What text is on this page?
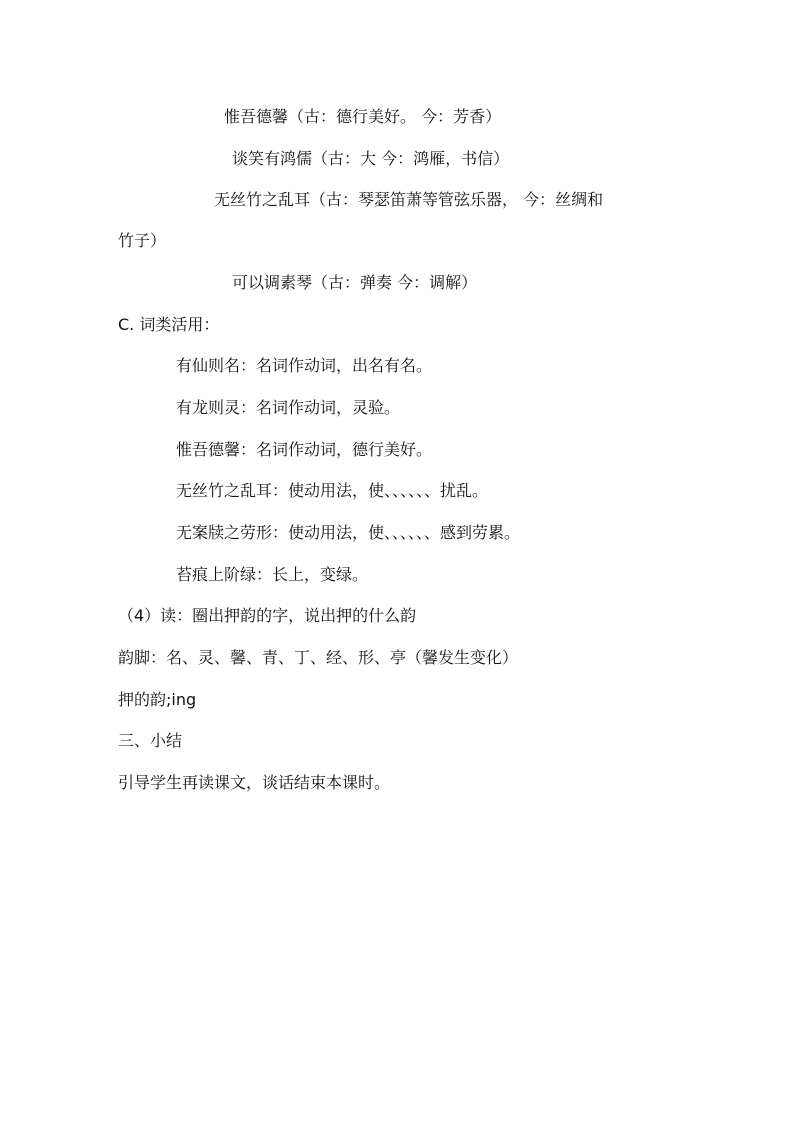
惟吾德馨（古：德行美好。 今：芳香）
谈笑有鸿儒（古：大 今：鸿雁，书信）
无丝竹之乱耳（古：琴瑟笛萧等管弦乐器， 今：丝绸和
竹子）
可以调素琴（古：弹奏 今：调解）
C. 词类活用：
有仙则名：名词作动词，出名有名。
有龙则灵：名词作动词，灵验。
惟吾德馨：名词作动词，德行美好。
无丝竹之乱耳：使动用法，使、、、、、、扰乱。
无案牍之劳形：使动用法，使、、、、、、感到劳累。
苔痕上阶绿：长上，变绿。
（4）读：圈出押韵的字，说出押的什么韵
韵脚：名、灵、馨、青、丁、经、形、亭（馨发生变化）
押的韵;ing
三、小结
引导学生再读课文，谈话结束本课时。
